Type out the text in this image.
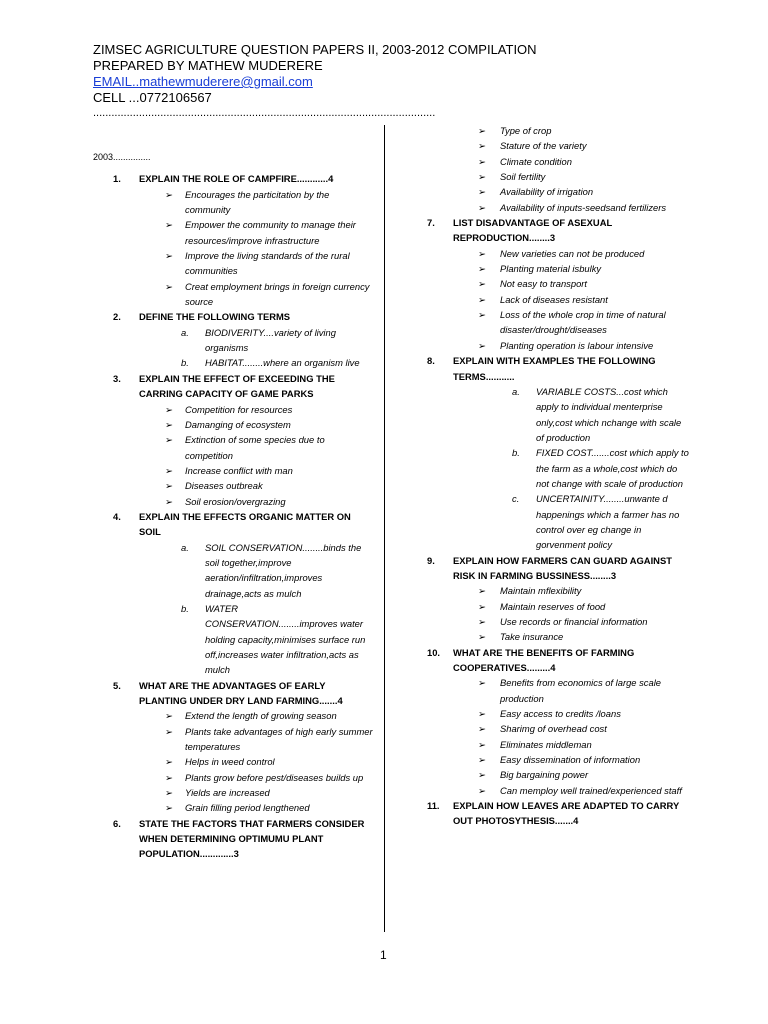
ZIMSEC AGRICULTURE QUESTION PAPERS II, 2003-2012 COMPILATION
PREPARED BY MATHEW MUDERERE
EMAIL..mathewmuderere@gmail.com
CELL ...0772106567
................................................................................................................
2003...............
1. EXPLAIN THE ROLE OF CAMPFIRE............4
➢ Encourages the particitation by the community
➢ Empower the community to manage their resources/improve infrastructure
➢ Improve the living standards of the rural communities
➢ Creat employment brings in foreign currency source
2. DEFINE THE FOLLOWING TERMS
a. BIODIVERITY....variety of living organisms
b. HABITAT........where an organism live
3. EXPLAIN THE EFFECT OF EXCEEDING THE CARRING CAPACITY OF GAME PARKS
➢ Competition for resources
➢ Damanging of ecosystem
➢ Extinction of some species due to competition
➢ Increase conflict with man
➢ Diseases outbreak
➢ Soil erosion/overgrazing
4. EXPLAIN THE EFFECTS ORGANIC MATTER ON SOIL
a. SOIL CONSERVATION........binds the soil together,improve aeration/infiltration,improves drainage,acts as mulch
b. WATER CONSERVATION........improves water holding capacity,minimises surface run off,increases water infiltration,acts as mulch
5. WHAT ARE THE ADVANTAGES OF EARLY PLANTING UNDER DRY LAND FARMING.......4
➢ Extend the length of growing season
➢ Plants take advantages of high early summer temperatures
➢ Helps in weed control
➢ Plants grow before pest/diseases builds up
➢ Yields are increased
➢ Grain filling period lengthened
6. STATE THE FACTORS THAT FARMERS CONSIDER WHEN DETERMINING OPTIMUMU PLANT POPULATION.............3
➢ Type of crop
➢ Stature of the variety
➢ Climate condition
➢ Soil fertility
➢ Availability of irrigation
➢ Availability of inputs-seedsand fertilizers
7. LIST DISADVANTAGE OF ASEXUAL REPRODUCTION........3
➢ New varieties can not be produced
➢ Planting material isbulky
➢ Not easy to transport
➢ Lack of diseases resistant
➢ Loss of the whole crop in time of natural disaster/drought/diseases
➢ Planting operation is labour intensive
8. EXPLAIN WITH EXAMPLES THE FOLLOWING TERMS...........
a. VARIABLE COSTS...cost which apply to individual menterprise only,cost which nchange with scale of production
b. FIXED COST.......cost which apply to the farm as a whole,cost which do not change with scale of production
c. UNCERTAINITY........unwante d happenings which a farmer has no control over eg change in gorvenment policy
9. EXPLAIN HOW FARMERS CAN GUARD AGAINST RISK IN FARMING BUSSINESS........3
➢ Maintain mflexibility
➢ Maintain reserves of food
➢ Use records or financial information
➢ Take insurance
10. WHAT ARE THE BENEFITS OF FARMING COOPERATIVES.........4
➢ Benefits from economics of large scale production
➢ Easy access to credits /loans
➢ Sharimg of overhead cost
➢ Eliminates middleman
➢ Easy dissemination of information
➢ Big bargaining power
➢ Can memploy well trained/experienced staff
11. EXPLAIN HOW LEAVES ARE ADAPTED TO CARRY OUT PHOTOSYTHESIS.......4
1
